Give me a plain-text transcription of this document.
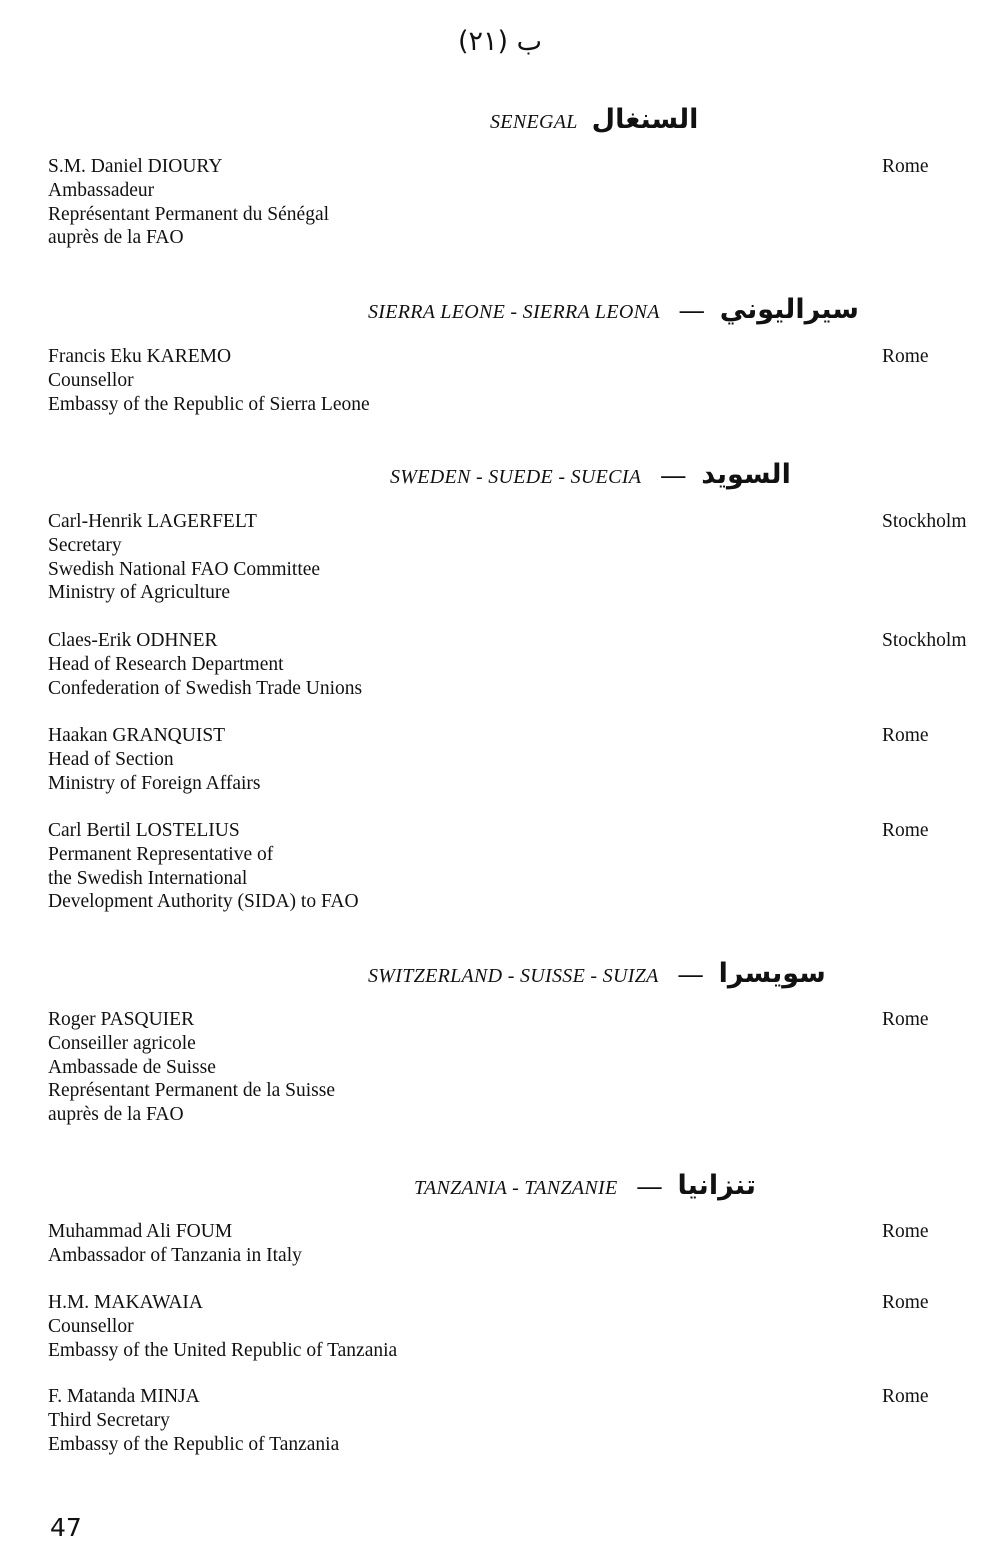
ب (٢١)
SENEGAL السنغال
S.M. Daniel DIOURY
Ambassadeur
Représentant Permanent du Sénégal
auprès de la FAO
Rome
SIERRA LEONE - SIERRA LEONA — سيراليوني
Francis Eku KAREMO
Counsellor
Embassy of the Republic of Sierra Leone
Rome
SWEDEN - SUEDE - SUECIA — السويد
Carl-Henrik LAGERFELT
Secretary
Swedish National FAO Committee
Ministry of Agriculture
Stockholm
Claes-Erik ODHNER
Head of Research Department
Confederation of Swedish Trade Unions
Stockholm
Haakan GRANQUIST
Head of Section
Ministry of Foreign Affairs
Rome
Carl Bertil LOSTELIUS
Permanent Representative of
the Swedish International
Development Authority (SIDA) to FAO
Rome
SWITZERLAND - SUISSE - SUIZA — سويسرا
Roger PASQUIER
Conseiller agricole
Ambassade de Suisse
Représentant Permanent de la Suisse
auprès de la FAO
Rome
TANZANIA - TANZANIE — تنزانيا
Muhammad Ali FOUM
Ambassador of Tanzania in Italy
Rome
H.M. MAKAWAIA
Counsellor
Embassy of the United Republic of Tanzania
Rome
F. Matanda MINJA
Third Secretary
Embassy of the Republic of Tanzania
Rome
47
